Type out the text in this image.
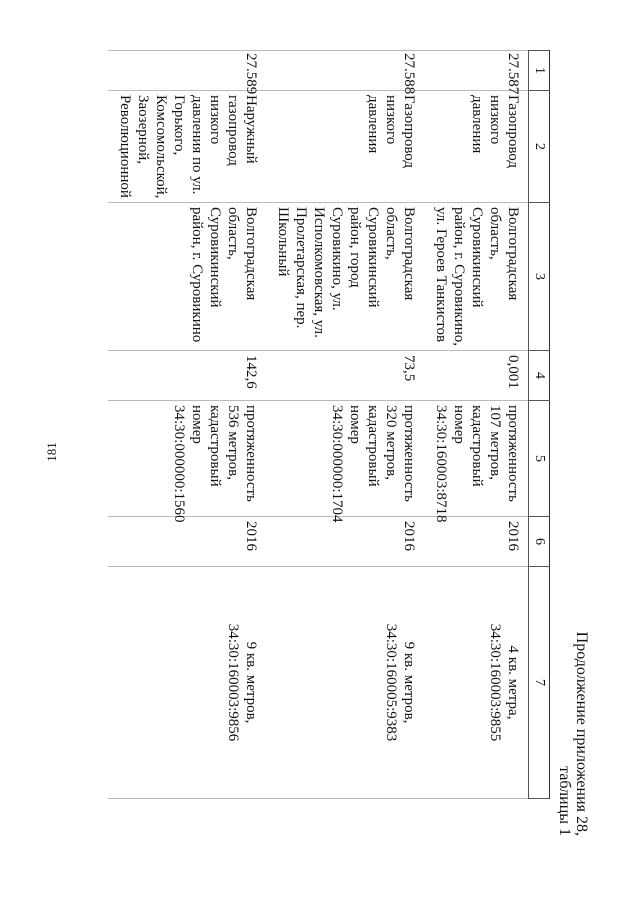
181
Продолжение приложения 28,
таблицы 1
1	2	3	4	5	6	7
27.587	Газопровод низкого давления	Волгоградская область, Суровикинский район, г. Суровикино, ул. Героев Танкистов	0,001	протяженность
107 метров,
кадастровый
номер
34:30:160003:8718	2016	4 кв. метра,
34:30:160003:9855
27.588	Газопровод низкого давления	Волгоградская область, Суровикинский район, город Суровикино, ул. Исполкомовская, ул. Пролетарская, пер. Школьный	73,5	протяженность
320 метров,
кадастровый
номер
34:30:000000:1704	2016	9 кв. метров,
34:30:160005:9383
27.589	Наружный газопровод низкого давления по ул. Горького, Комсомольской, Заозерной, Революционной	Волгоградская область, Суровикинский район, г. Суровикино	142,6	протяженность
536 метров,
кадастровый
номер
34:30:000000:1560	2016	9 кв. метров,
34:30:160003:9856
